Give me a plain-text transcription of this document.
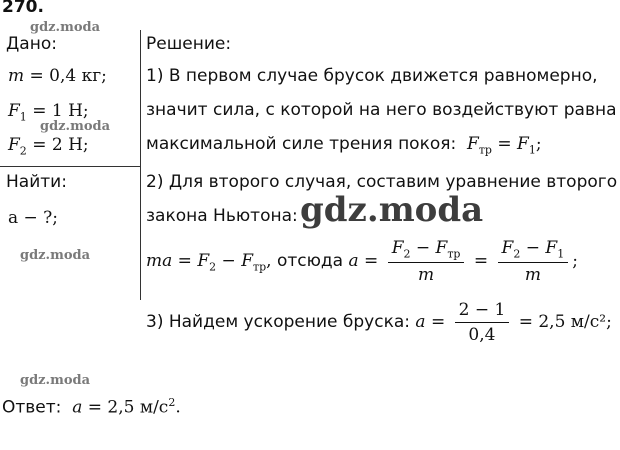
270.
Дано:
m = 0,4 кг;
$F_1 = 1$ Н;
$F_2 = 2$ Н;
Найти:
a − ?;
Решение:
1) В первом случае брусок движется равномерно,
значит сила, с которой на него воздействуют равна
максимальной силе трения покоя: $F_{тр} = F_1$;
2) Для второго случая, составим уравнение второго
закона Ньютона:
ma = $F_2 - F_{тр}$, отсюда $a = \frac{F_2 - F_{тр}}{m} = \frac{F_2 - F_1}{m}$ ;
3) Найдем ускорение бруска: $a = \frac{2 - 1}{0,4} = 2,5$ м/с²;
Ответ: a = 2,5 $м/с^2$.
gdz.moda
gdz.moda
gdz.moda
gdz.moda
gdz.moda
